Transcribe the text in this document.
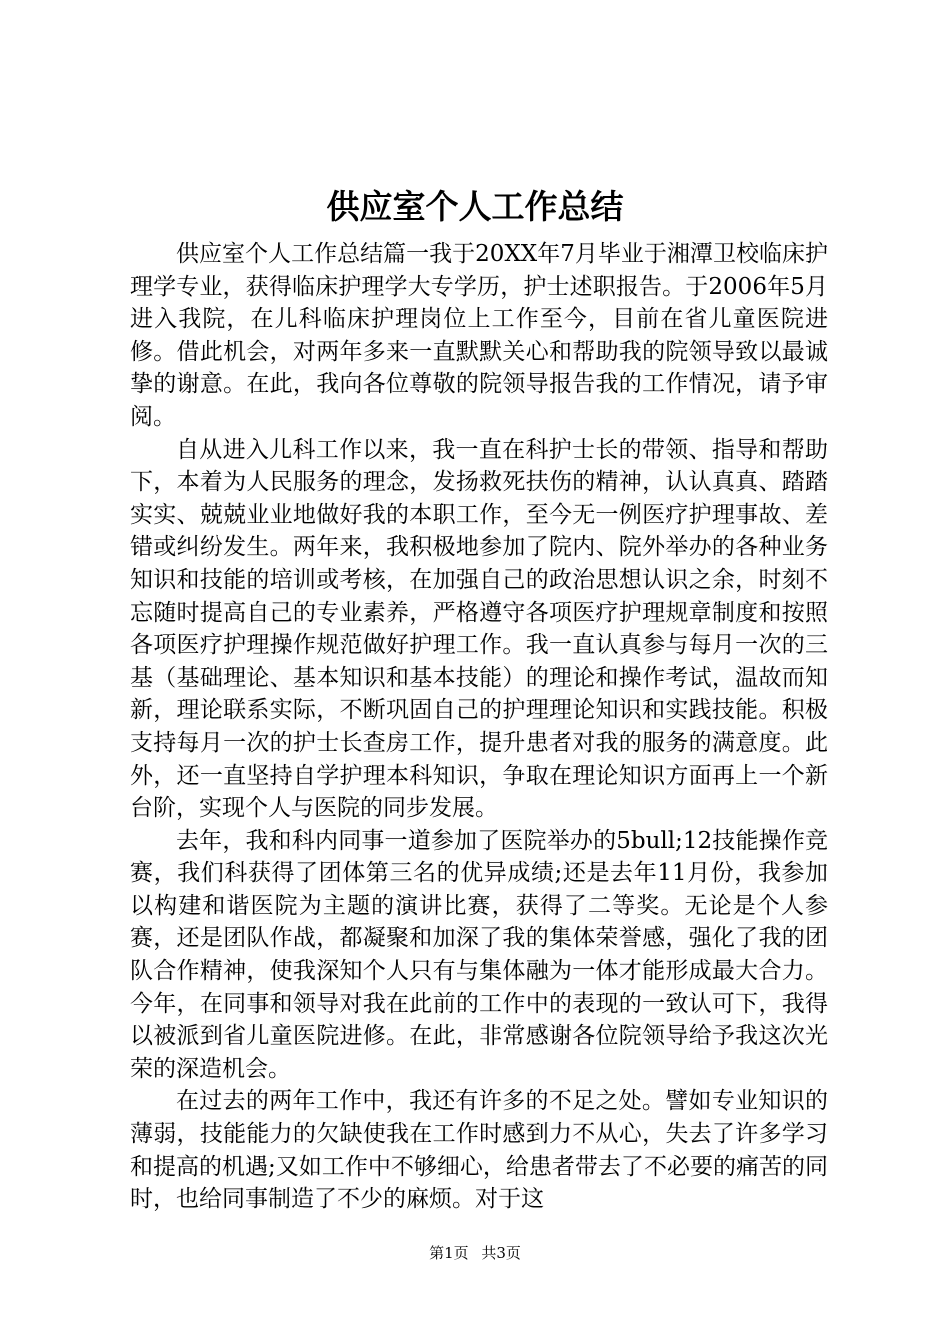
供应室个人工作总结

供应室个人工作总结篇一我于20XX年7月毕业于湘潭卫校临床护理学专业，获得临床护理学大专学历，护士述职报告。于2006年5月进入我院，在儿科临床护理岗位上工作至今，目前在省儿童医院进修。借此机会，对两年多来一直默默关心和帮助我的院领导致以最诚挚的谢意。在此，我向各位尊敬的院领导报告我的工作情况，请予审阅。

自从进入儿科工作以来，我一直在科护士长的带领、指导和帮助下，本着为人民服务的理念，发扬救死扶伤的精神，认认真真、踏踏实实、兢兢业业地做好我的本职工作，至今无一例医疗护理事故、差错或纠纷发生。两年来，我积极地参加了院内、院外举办的各种业务知识和技能的培训或考核，在加强自己的政治思想认识之余，时刻不忘随时提高自己的专业素养，严格遵守各项医疗护理规章制度和按照各项医疗护理操作规范做好护理工作。我一直认真参与每月一次的三基（基础理论、基本知识和基本技能）的理论和操作考试，温故而知新，理论联系实际，不断巩固自己的护理理论知识和实践技能。积极支持每月一次的护士长查房工作，提升患者对我的服务的满意度。此外，还一直坚持自学护理本科知识，争取在理论知识方面再上一个新台阶，实现个人与医院的同步发展。

去年，我和科内同事一道参加了医院举办的5bull;12技能操作竞赛，我们科获得了团体第三名的优异成绩;还是去年11月份，我参加以构建和谐医院为主题的演讲比赛，获得了二等奖。无论是个人参赛，还是团队作战，都凝聚和加深了我的集体荣誉感，强化了我的团队合作精神，使我深知个人只有与集体融为一体才能形成最大合力。今年，在同事和领导对我在此前的工作中的表现的一致认可下，我得以被派到省儿童医院进修。在此，非常感谢各位院领导给予我这次光荣的深造机会。

在过去的两年工作中，我还有许多的不足之处。譬如专业知识的薄弱，技能能力的欠缺使我在工作时感到力不从心，失去了许多学习和提高的机遇;又如工作中不够细心，给患者带去了不必要的痛苦的同时，也给同事制造了不少的麻烦。对于这

第1页 共3页
